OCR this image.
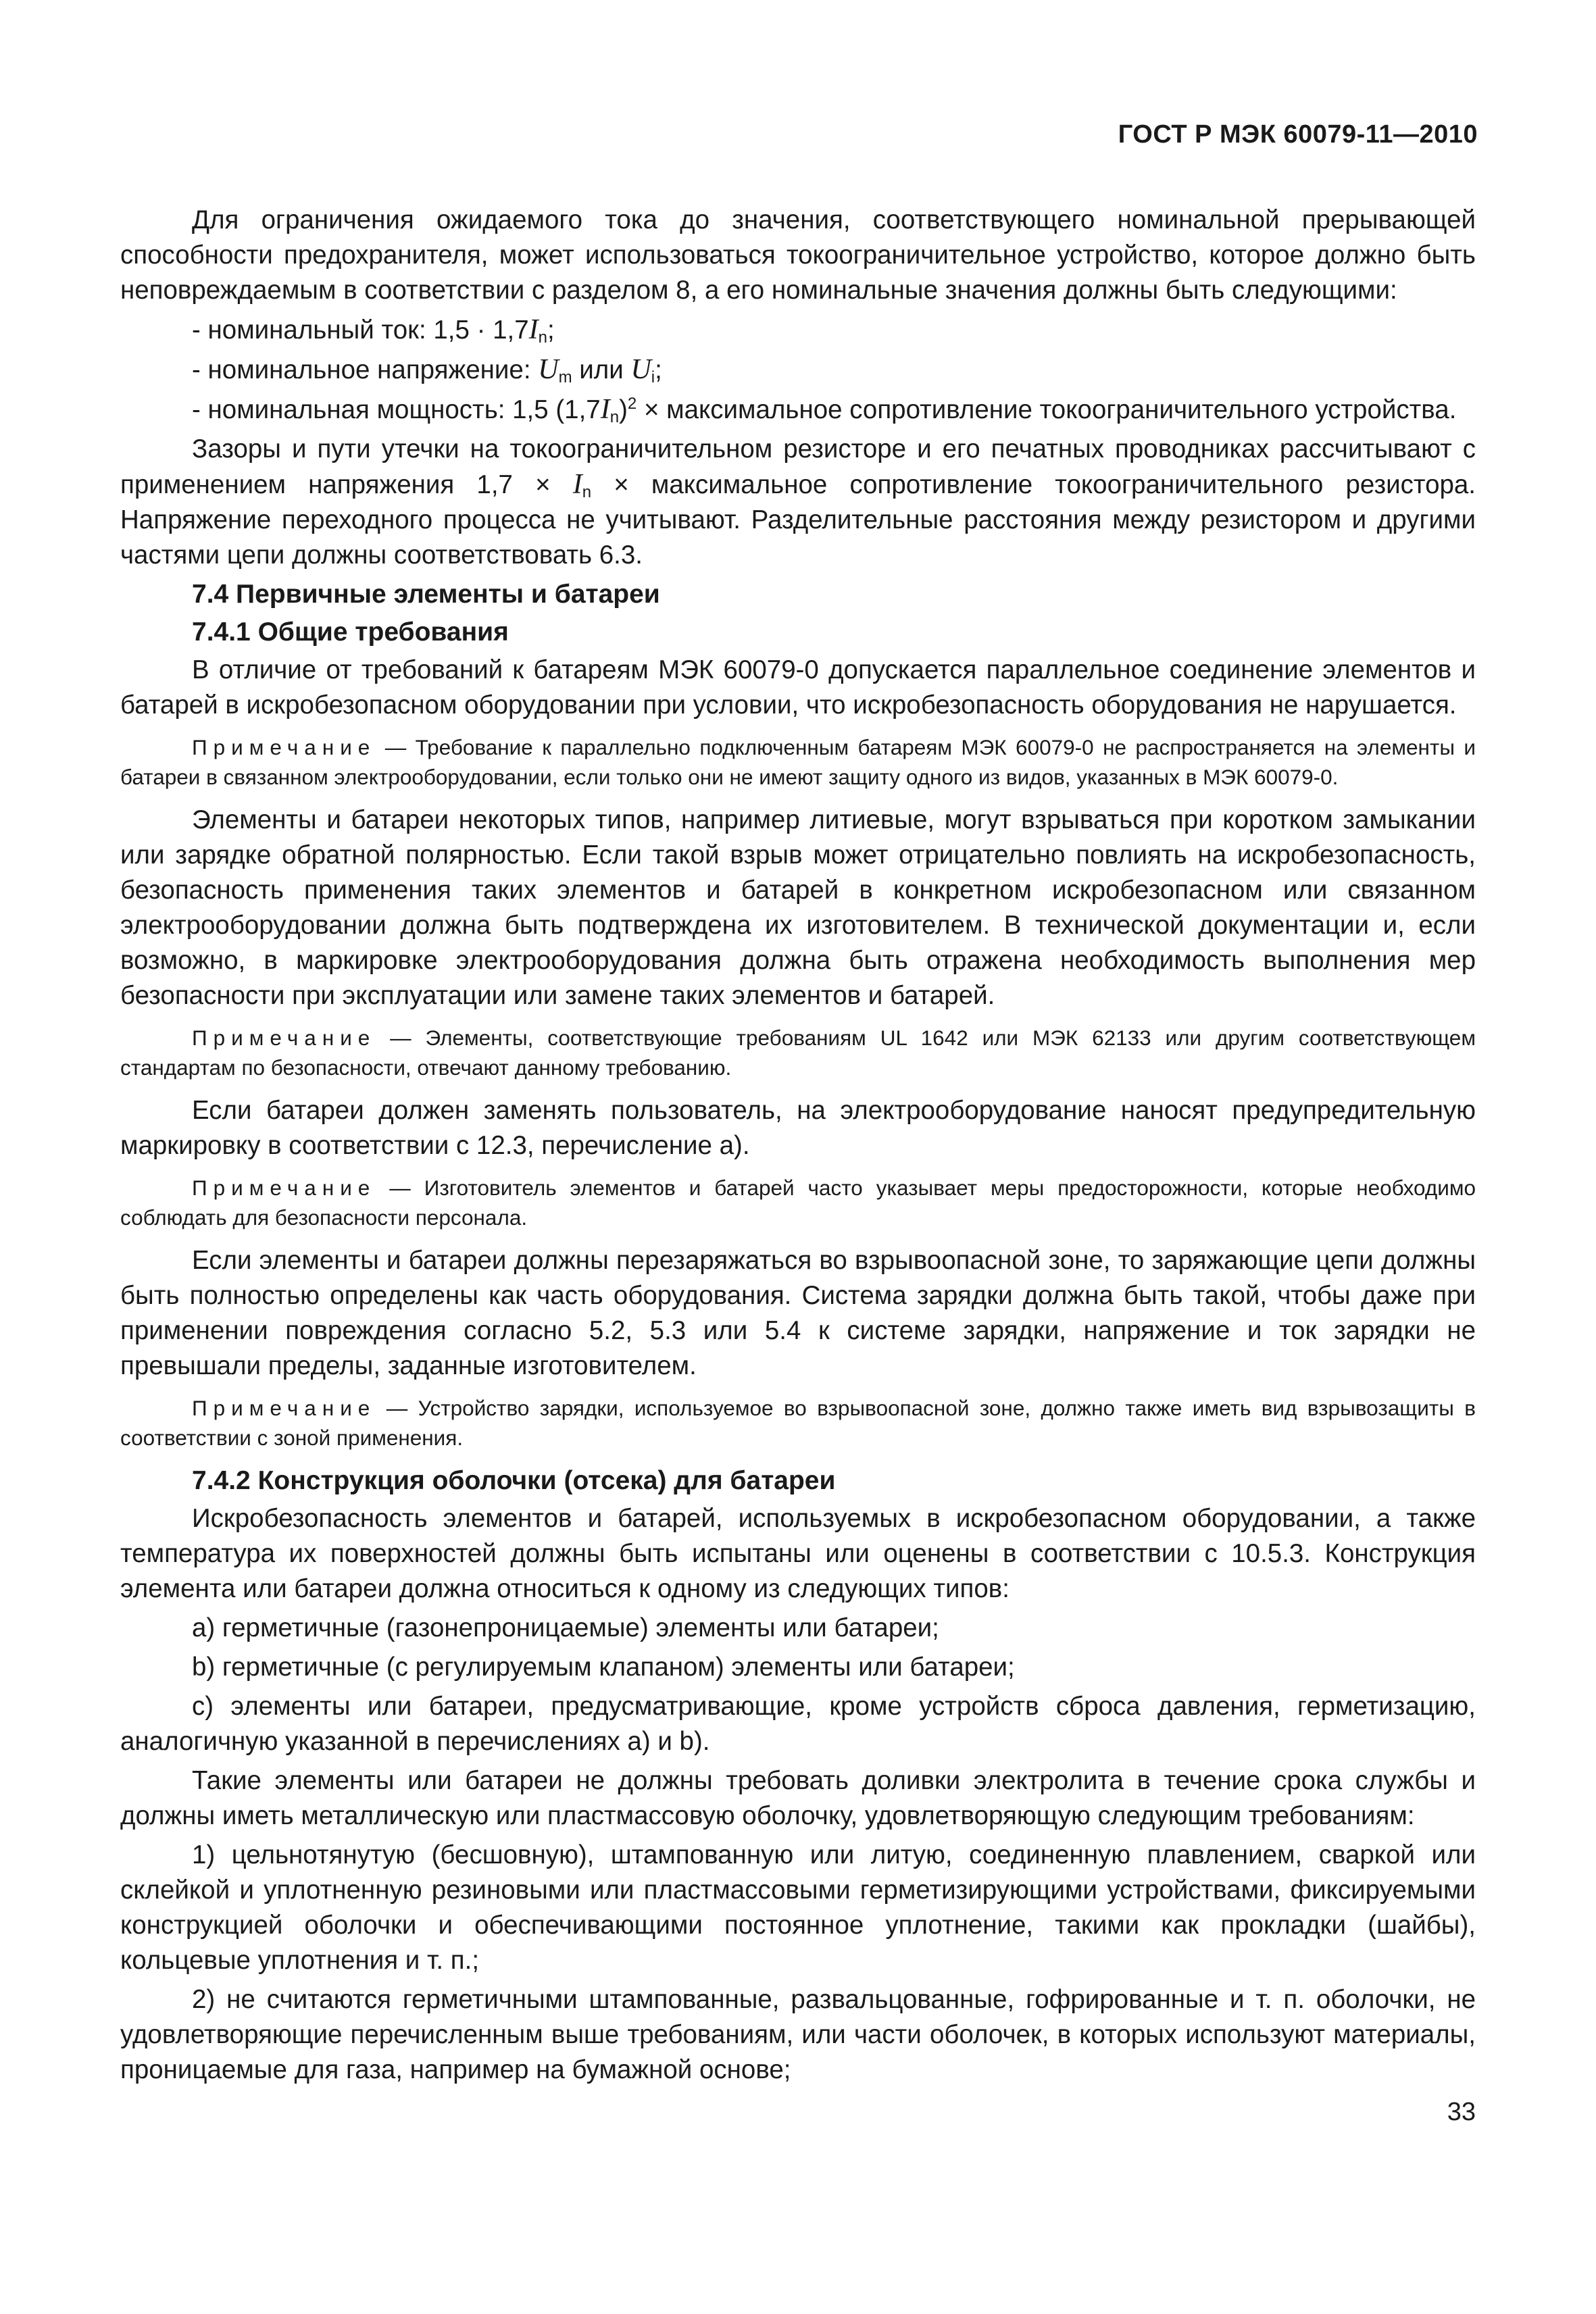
ГОСТ Р МЭК 60079-11—2010

Для ограничения ожидаемого тока до значения, соответствующего номинальной прерывающей способности предохранителя, может использоваться токоограничительное устройство, которое должно быть неповреждаемым в соответствии с разделом 8, а его номинальные значения должны быть следующими:

- номинальный ток: $1,5 \cdot 1,7I_n$;

- номинальное напряжение: $U_m$ или $U_i$;

- номинальная мощность: 1,5 $(1,7I_n)^2$ × максимальное сопротивление токоограничительного устройства.

Зазоры и пути утечки на токоограничительном резисторе и его печатных проводниках рассчитывают с применением напряжения $1,7 \times I_n$ × максимальное сопротивление токоограничительного резистора. Напряжение переходного процесса не учитывают. Разделительные расстояния между резистором и другими частями цепи должны соответствовать 6.3.

7.4 Первичные элементы и батареи
7.4.1 Общие требования

В отличие от требований к батареям МЭК 60079-0 допускается параллельное соединение элементов и батарей в искробезопасном оборудовании при условии, что искробезопасность оборудования не нарушается.

Примечание — Требование к параллельно подключенным батареям МЭК 60079-0 не распространяется на элементы и батареи в связанном электрооборудовании, если только они не имеют защиту одного из видов, указанных в МЭК 60079-0.

Элементы и батареи некоторых типов, например литиевые, могут взрываться при коротком замыкании или зарядке обратной полярностью. Если такой взрыв может отрицательно повлиять на искробезопасность, безопасность применения таких элементов и батарей в конкретном искробезопасном или связанном электрооборудовании должна быть подтверждена их изготовителем. В технической документации и, если возможно, в маркировке электрооборудования должна быть отражена необходимость выполнения мер безопасности при эксплуатации или замене таких элементов и батарей.

Примечание — Элементы, соответствующие требованиям UL 1642 или МЭК 62133 или другим соответствующем стандартам по безопасности, отвечают данному требованию.

Если батареи должен заменять пользователь, на электрооборудование наносят предупредительную маркировку в соответствии с 12.3, перечисление а).

Примечание — Изготовитель элементов и батарей часто указывает меры предосторожности, которые необходимо соблюдать для безопасности персонала.

Если элементы и батареи должны перезаряжаться во взрывоопасной зоне, то заряжающие цепи должны быть полностью определены как часть оборудования. Система зарядки должна быть такой, чтобы даже при применении повреждения согласно 5.2, 5.3 или 5.4 к системе зарядки, напряжение и ток зарядки не превышали пределы, заданные изготовителем.

Примечание — Устройство зарядки, используемое во взрывоопасной зоне, должно также иметь вид взрывозащиты в соответствии с зоной применения.

7.4.2 Конструкция оболочки (отсека) для батареи

Искробезопасность элементов и батарей, используемых в искробезопасном оборудовании, а также температура их поверхностей должны быть испытаны или оценены в соответствии с 10.5.3. Конструкция элемента или батареи должна относиться к одному из следующих типов:

а) герметичные (газонепроницаемые) элементы или батареи;

b) герметичные (с регулируемым клапаном) элементы или батареи;

с) элементы или батареи, предусматривающие, кроме устройств сброса давления, герметизацию, аналогичную указанной в перечислениях а) и b).

Такие элементы или батареи не должны требовать доливки электролита в течение срока службы и должны иметь металлическую или пластмассовую оболочку, удовлетворяющую следующим требованиям:

1) цельнотянутую (бесшовную), штампованную или литую, соединенную плавлением, сваркой или склейкой и уплотненную резиновыми или пластмассовыми герметизирующими устройствами, фиксируемыми конструкцией оболочки и обеспечивающими постоянное уплотнение, такими как прокладки (шайбы), кольцевые уплотнения и т. п.;

2) не считаются герметичными штампованные, развальцованные, гофрированные и т. п. оболочки, не удовлетворяющие перечисленным выше требованиям, или части оболочек, в которых используют материалы, проницаемые для газа, например на бумажной основе;

33
